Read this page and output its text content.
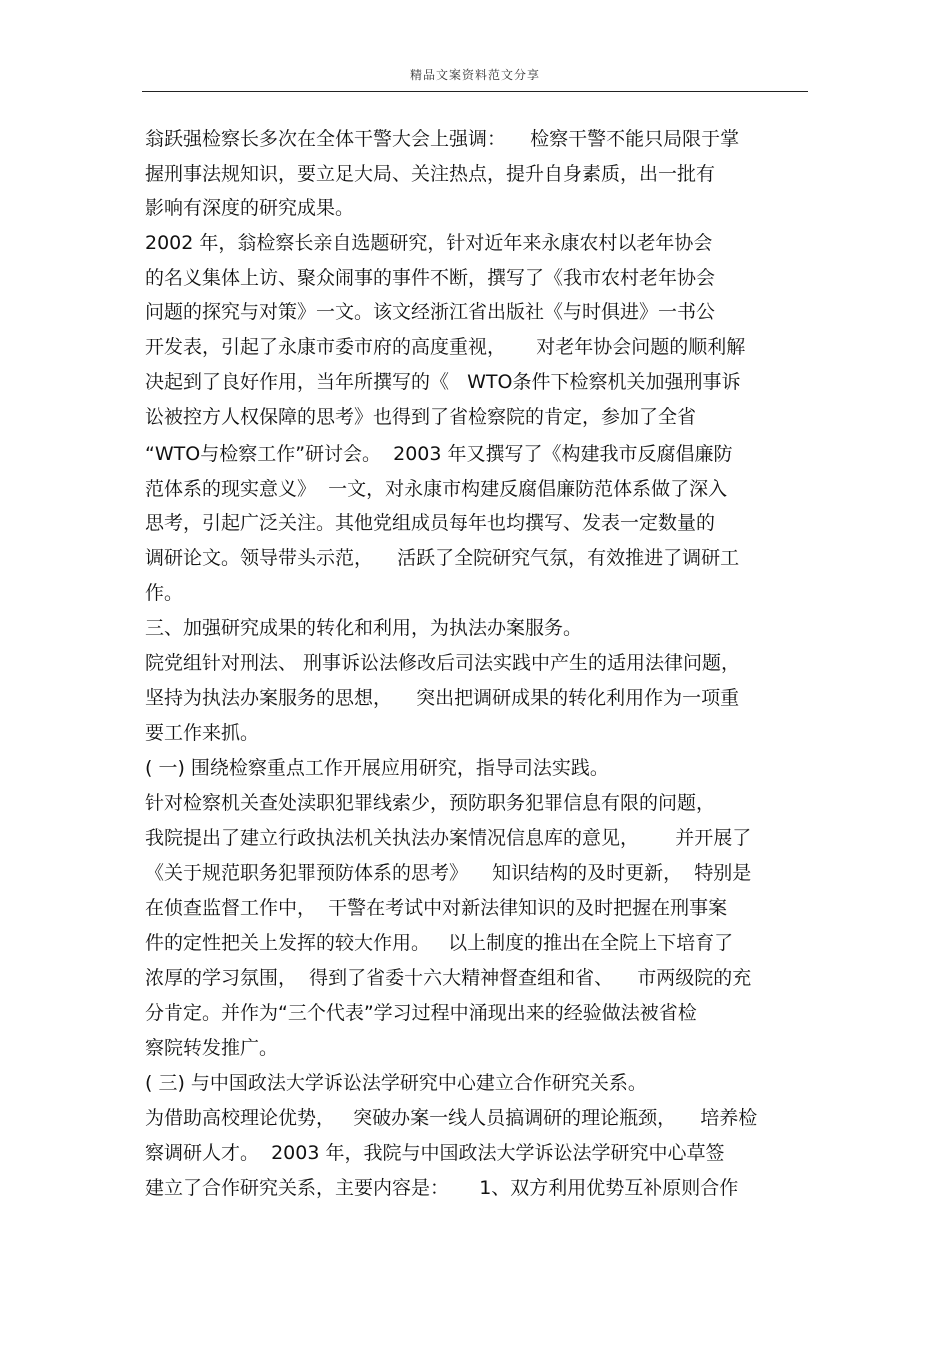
精品文案资料范文分享
翁跃强检察长多次在全体干警大会上强调：    检察干警不能只局限于掌
握刑事法规知识，要立足大局、关注热点，提升自身素质，出一批有
影响有深度的研究成果。
2002 年，翁检察长亲自选题研究，针对近年来永康农村以老年协会
的名义集体上访、聚众闹事的事件不断，撰写了《我市农村老年协会
问题的探究与对策》一文。该文经浙江省出版社《与时俱进》一书公
开发表，引起了永康市委市府的高度重视，     对老年协会问题的顺利解
决起到了良好作用，当年所撰写的《   WTO条件下检察机关加强刑事诉
讼被控方人权保障的思考》也得到了省检察院的肯定，参加了全省
“WTO与检察工作”研讨会。  2003 年又撰写了《构建我市反腐倡廉防
范体系的现实意义》  一文，对永康市构建反腐倡廉防范体系做了深入
思考，引起广泛关注。其他党组成员每年也均撰写、发表一定数量的
调研论文。领导带头示范，    活跃了全院研究气氛，有效推进了调研工
作。
三、加强研究成果的转化和利用，为执法办案服务。
院党组针对刑法、 刑事诉讼法修改后司法实践中产生的适用法律问题，
坚持为执法办案服务的思想，    突出把调研成果的转化利用作为一项重
要工作来抓。
( 一) 围绕检察重点工作开展应用研究，指导司法实践。
针对检察机关查处渎职犯罪线索少，预防职务犯罪信息有限的问题，
我院提出了建立行政执法机关执法办案情况信息库的意见，      并开展了
《关于规范职务犯罪预防体系的思考》    知识结构的及时更新，  特别是
在侦查监督工作中，  干警在考试中对新法律知识的及时把握在刑事案
件的定性把关上发挥的较大作用。   以上制度的推出在全院上下培育了
浓厚的学习氛围，  得到了省委十六大精神督查组和省、    市两级院的充
分肯定。并作为“三个代表”学习过程中涌现出来的经验做法被省检
察院转发推广。
( 三) 与中国政法大学诉讼法学研究中心建立合作研究关系。
为借助高校理论优势，   突破办案一线人员搞调研的理论瓶颈，    培养检
察调研人才。  2003 年，我院与中国政法大学诉讼法学研究中心草签
建立了合作研究关系，主要内容是：     1、双方利用优势互补原则合作
